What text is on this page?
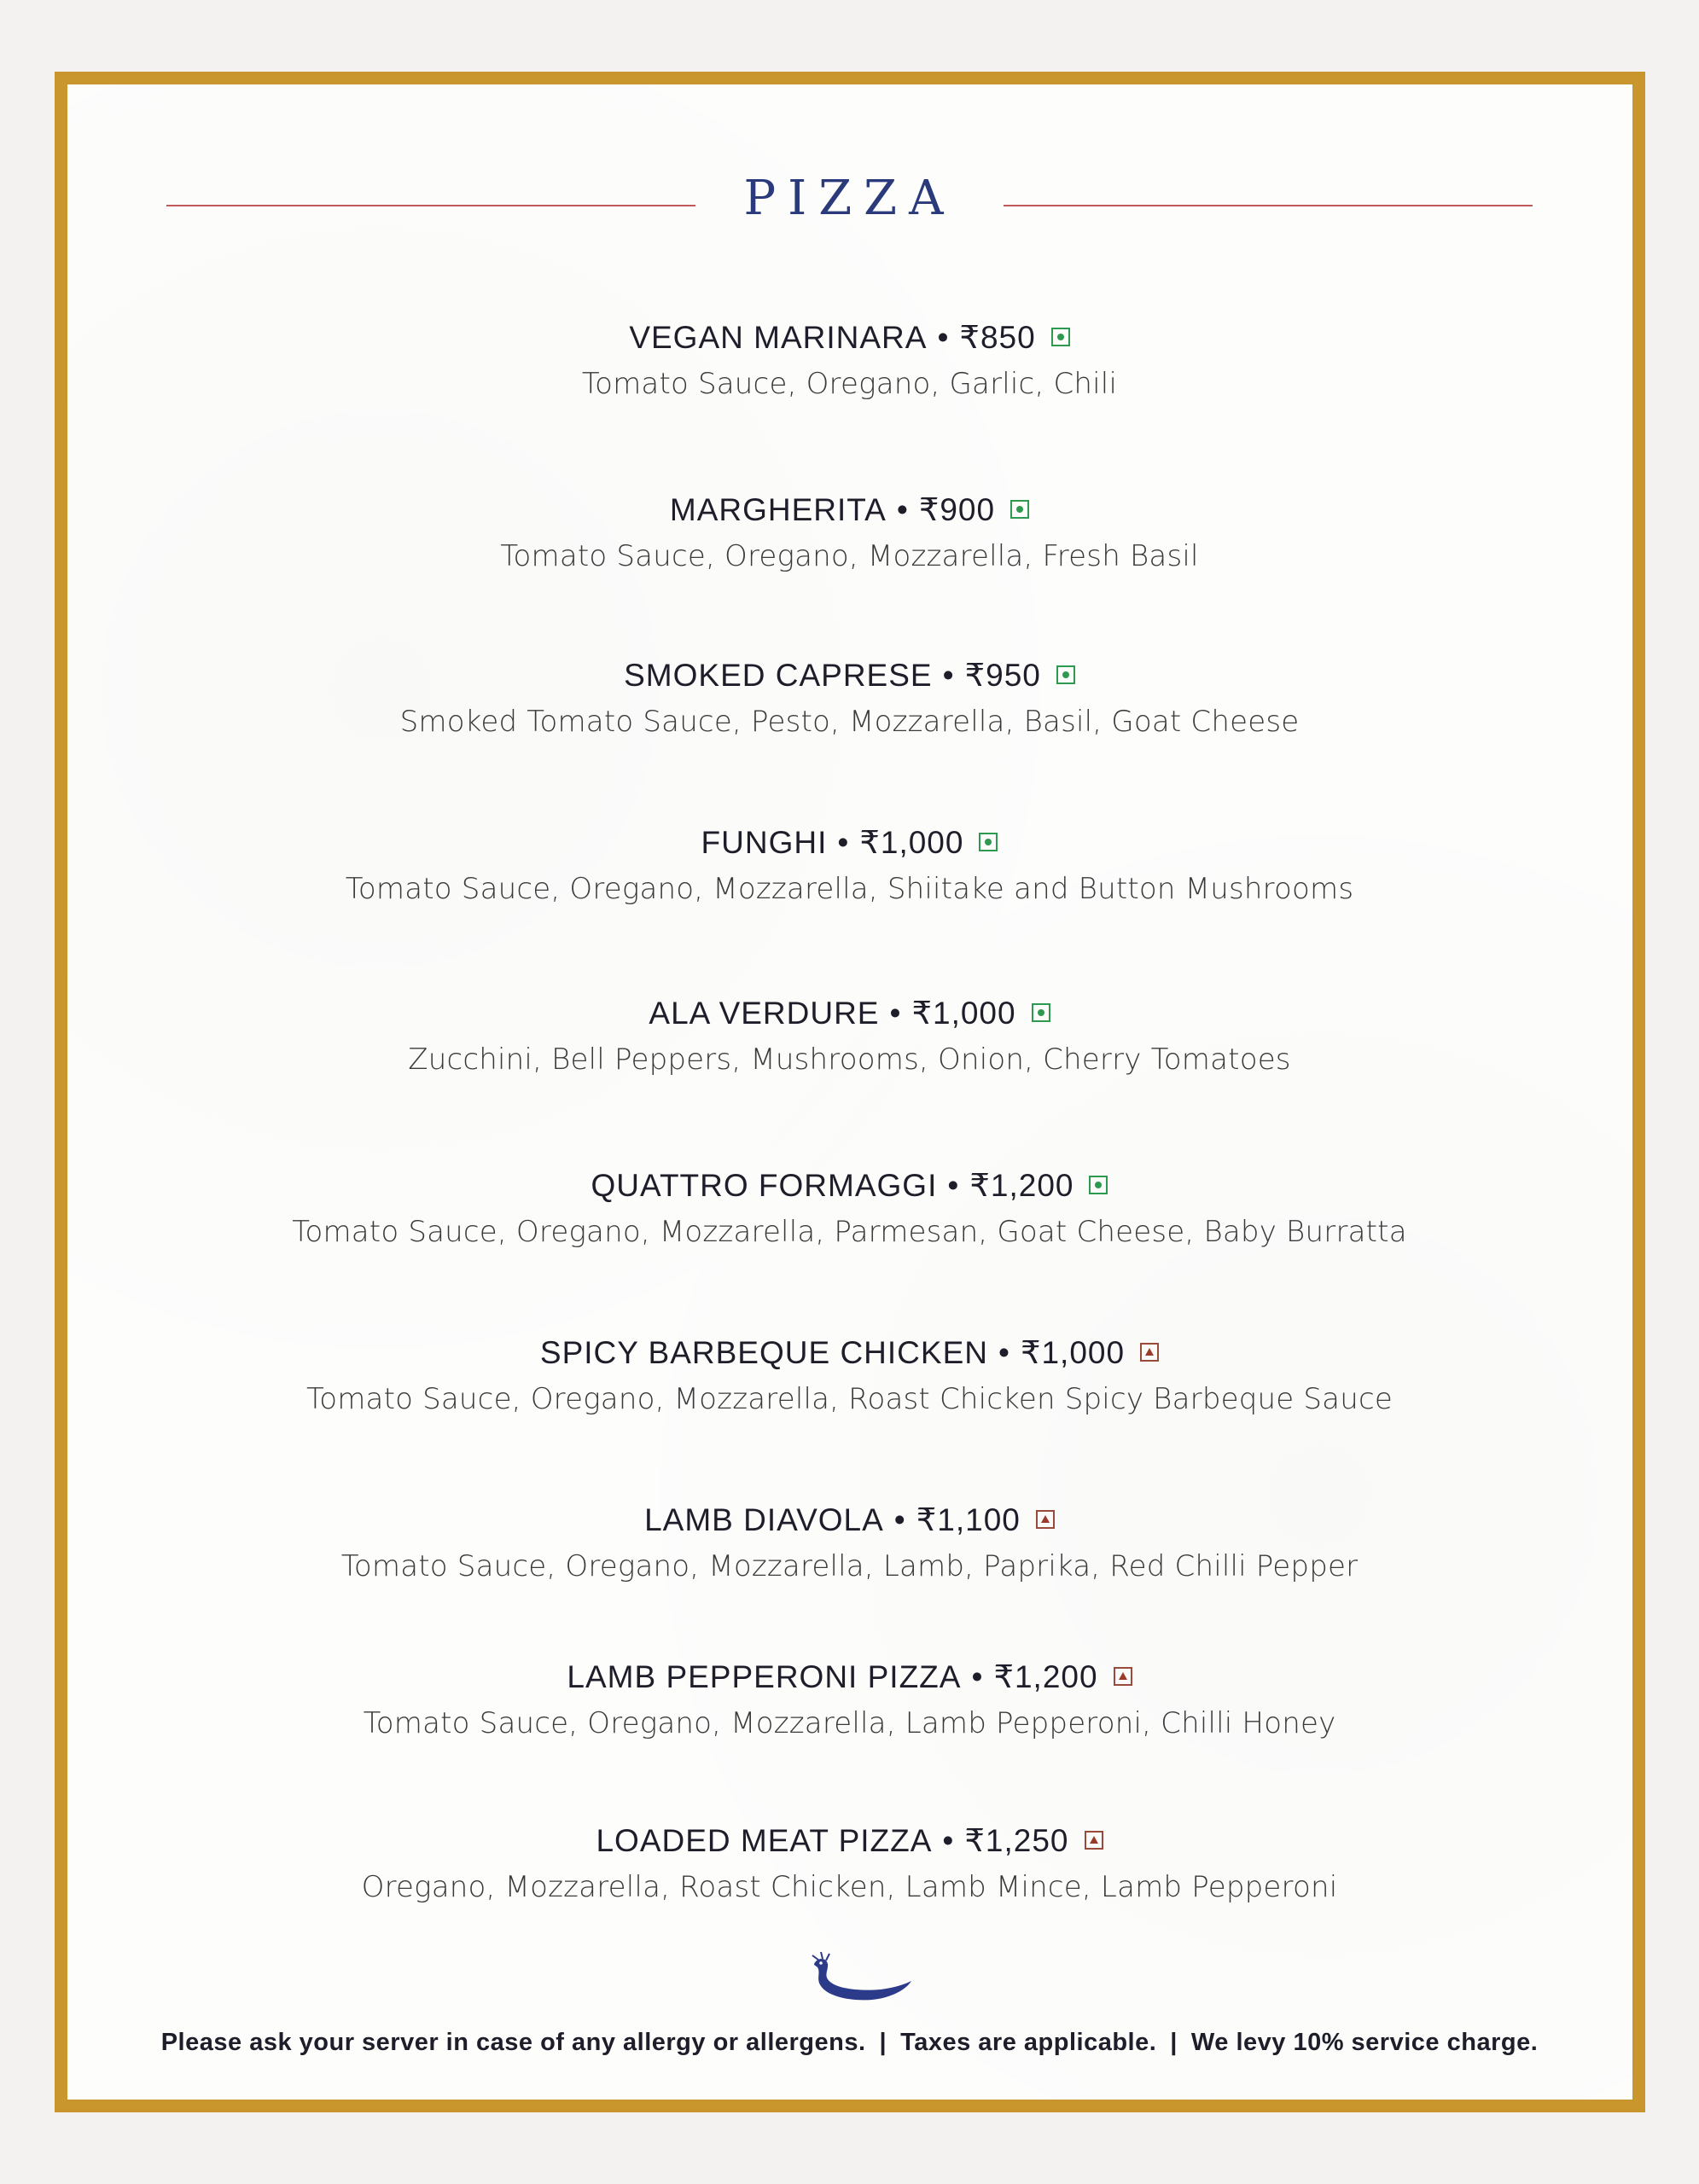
PIZZA
VEGAN MARINARA • ₹850
Tomato Sauce, Oregano, Garlic, Chili
MARGHERITA • ₹900
Tomato Sauce, Oregano, Mozzarella, Fresh Basil
SMOKED CAPRESE • ₹950
Smoked Tomato Sauce, Pesto, Mozzarella, Basil, Goat Cheese
FUNGHI • ₹1,000
Tomato Sauce, Oregano, Mozzarella, Shiitake and Button Mushrooms
ALA VERDURE • ₹1,000
Zucchini, Bell Peppers, Mushrooms, Onion, Cherry Tomatoes
QUATTRO FORMAGGI • ₹1,200
Tomato Sauce, Oregano, Mozzarella, Parmesan, Goat Cheese, Baby Burratta
SPICY BARBEQUE CHICKEN • ₹1,000
Tomato Sauce, Oregano, Mozzarella, Roast Chicken Spicy Barbeque Sauce
LAMB DIAVOLA • ₹1,100
Tomato Sauce, Oregano, Mozzarella, Lamb, Paprika, Red Chilli Pepper
LAMB PEPPERONI PIZZA • ₹1,200
Tomato Sauce, Oregano, Mozzarella, Lamb Pepperoni, Chilli Honey
LOADED MEAT PIZZA • ₹1,250
Oregano, Mozzarella, Roast Chicken, Lamb Mince, Lamb Pepperoni
Please ask your server in case of any allergy or allergens. | Taxes are applicable. | We levy 10% service charge.
